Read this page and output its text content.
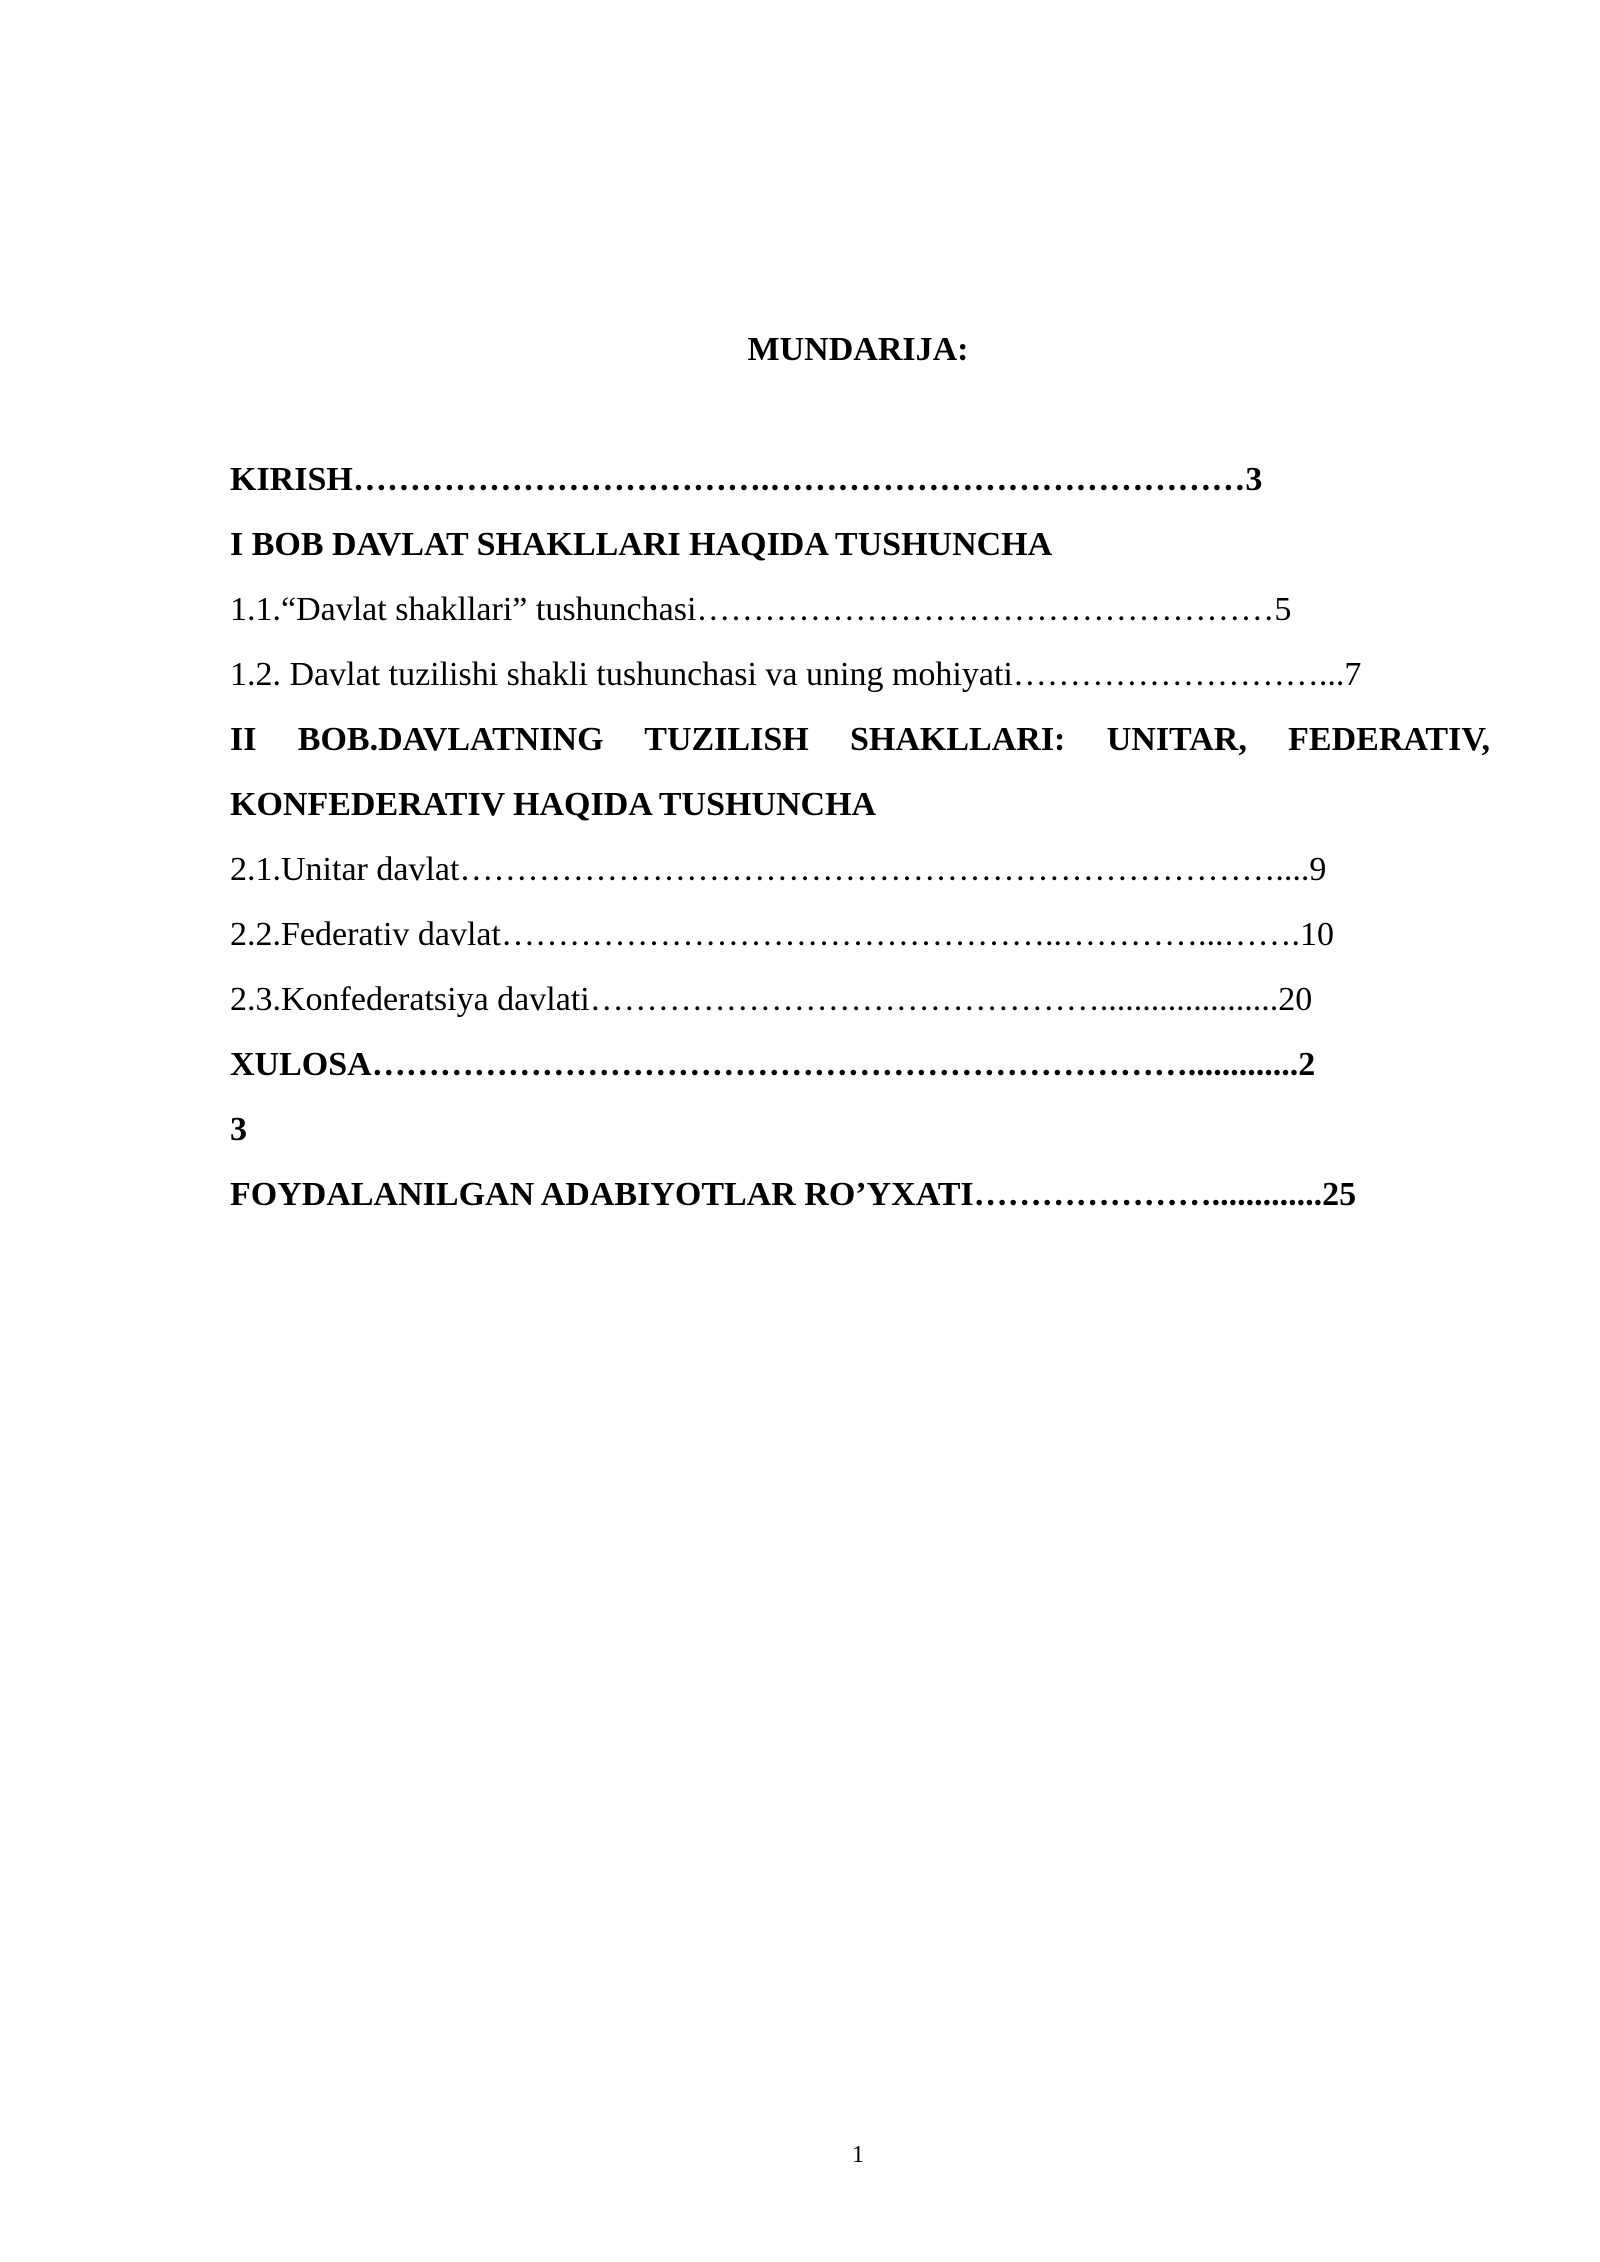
MUNDARIJA:

KIRISH……………………………….……………………………………3

I BOB DAVLAT SHAKLLARI HAQIDA TUSHUNCHA

1.1.“Davlat shakllari” tushunchasi……………………………………………5

1.2. Davlat tuzilishi shakli tushunchasi va uning mohiyati………………………...7

II BOB.DAVLATNING TUZILISH SHAKLLARI: UNITAR, FEDERATIV,

KONFEDERATIV HAQIDA TUSHUNCHA

2.1.Unitar davlat………………………………………………………………....9

2.2.Federativ davlat…………………………………………..…………...…….10

2.3.Konfederatsiya davlati……………………………………….....................20

XULOSA……………………………………………………………….............2

3

FOYDALANILGAN ADABIYOTLAR RO’YXATI………………….............25

1
